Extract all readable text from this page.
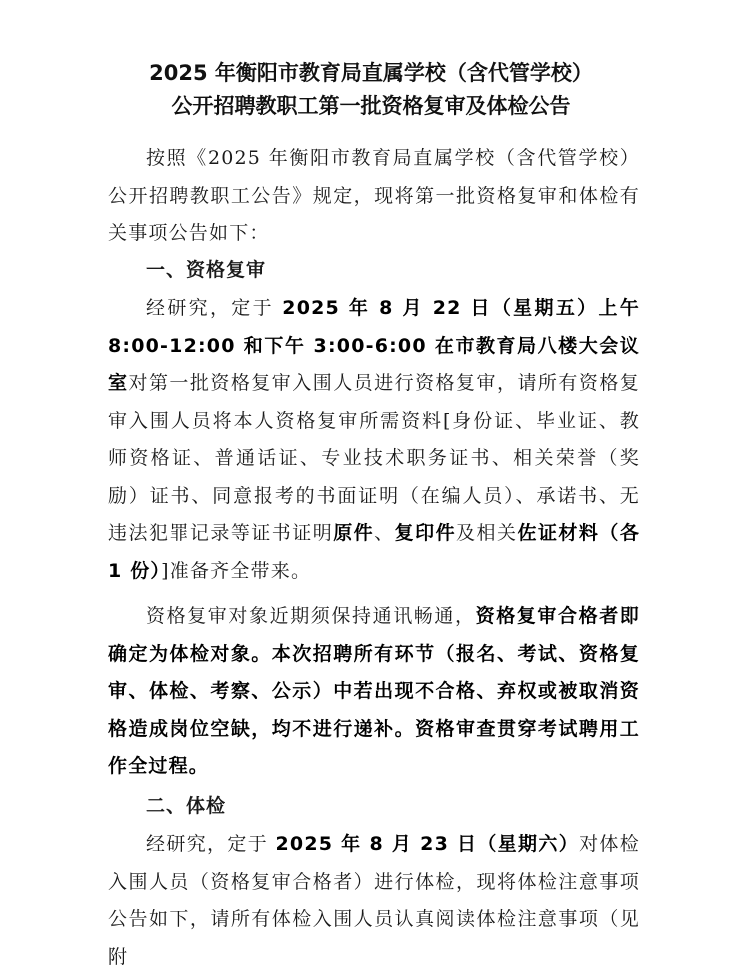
2025 年衡阳市教育局直属学校（含代管学校）
公开招聘教职工第一批资格复审及体检公告

按照《2025 年衡阳市教育局直属学校（含代管学校）公开招聘教职工公告》规定，现将第一批资格复审和体检有关事项公告如下：

一、资格复审

经研究，定于 2025 年 8 月 22 日（星期五）上午 8:00-12:00 和下午 3:00-6:00 在市教育局八楼大会议室对第一批资格复审入围人员进行资格复审，请所有资格复审入围人员将本人资格复审所需资料[身份证、毕业证、教师资格证、普通话证、专业技术职务证书、相关荣誉（奖励）证书、同意报考的书面证明（在编人员）、承诺书、无违法犯罪记录等证书证明原件、复印件及相关佐证材料（各 1 份）]准备齐全带来。

资格复审对象近期须保持通讯畅通，资格复审合格者即确定为体检对象。本次招聘所有环节（报名、考试、资格复审、体检、考察、公示）中若出现不合格、弃权或被取消资格造成岗位空缺，均不进行递补。资格审查贯穿考试聘用工作全过程。

二、体检

经研究，定于 2025 年 8 月 23 日（星期六）对体检入围人员（资格复审合格者）进行体检，现将体检注意事项公告如下，请所有体检入围人员认真阅读体检注意事项（见附
